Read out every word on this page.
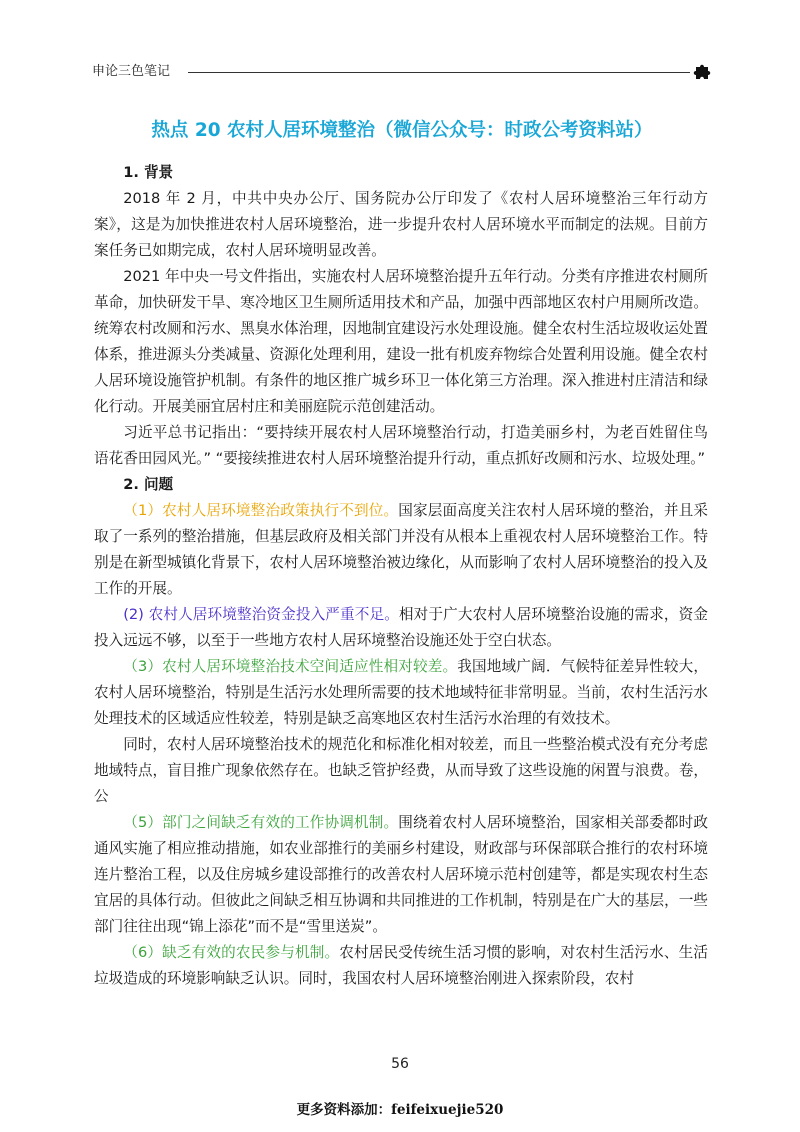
申论三色笔记
热点 20 农村人居环境整治（微信公众号：时政公考资料站）
1. 背景

2018 年 2 月，中共中央办公厅、国务院办公厅印发了《农村人居环境整治三年行动方案》，这是为加快推进农村人居环境整治，进一步提升农村人居环境水平而制定的法规。目前方案任务已如期完成，农村人居环境明显改善。

2021 年中央一号文件指出，实施农村人居环境整治提升五年行动。分类有序推进农村厕所革命，加快研发干旱、寒冷地区卫生厕所适用技术和产品，加强中西部地区农村户用厕所改造。统筹农村改厕和污水、黑臭水体治理，因地制宜建设污水处理设施。健全农村生活垃圾收运处置体系，推进源头分类减量、资源化处理利用，建设一批有机废弃物综合处置利用设施。健全农村人居环境设施管护机制。有条件的地区推广城乡环卫一体化第三方治理。深入推进村庄清洁和绿化行动。开展美丽宜居村庄和美丽庭院示范创建活动。

习近平总书记指出：“要持续开展农村人居环境整治行动，打造美丽乡村，为老百姓留住鸟语花香田园风光。” “要接续推进农村人居环境整治提升行动，重点抓好改厕和污水、垃圾处理。”

2. 问题

（1）农村人居环境整治政策执行不到位。国家层面高度关注农村人居环境的整治，并且采取了一系列的整治措施，但基层政府及相关部门并没有从根本上重视农村人居环境整治工作。特别是在新型城镇化背景下，农村人居环境整治被边缘化，从而影响了农村人居环境整治的投入及工作的开展。

(2) 农村人居环境整治资金投入严重不足。相对于广大农村人居环境整治设施的需求，资金投入远远不够，以至于一些地方农村人居环境整治设施还处于空白状态。

（3）农村人居环境整治技术空间适应性相对较差。我国地域广阔．气候特征差异性较大，农村人居环境整治，特别是生活污水处理所需要的技术地域特征非常明显。当前，农村生活污水处理技术的区域适应性较差，特别是缺乏高寒地区农村生活污水治理的有效技术。

同时，农村人居环境整治技术的规范化和标准化相对较差，而且一些整治模式没有充分考虑地域特点，盲目推广现象依然存在。也缺乏管护经费，从而导致了这些设施的闲置与浪费。卷，公

（5）部门之间缺乏有效的工作协调机制。围绕着农村人居环境整治，国家相关部委都时政通风实施了相应推动措施，如农业部推行的美丽乡村建设，财政部与环保部联合推行的农村环境连片整治工程，以及住房城乡建设部推行的改善农村人居环境示范村创建等，都是实现农村生态宜居的具体行动。但彼此之间缺乏相互协调和共同推进的工作机制，特别是在广大的基层，一些部门往往出现“锦上添花”而不是“雪里送炭”。

（6）缺乏有效的农民参与机制。农村居民受传统生活习惯的影响，对农村生活污水、生活垃圾造成的环境影响缺乏认识。同时，我国农村人居环境整治刚进入探索阶段，农村

56
更多资料添加：feifeixuejie520
